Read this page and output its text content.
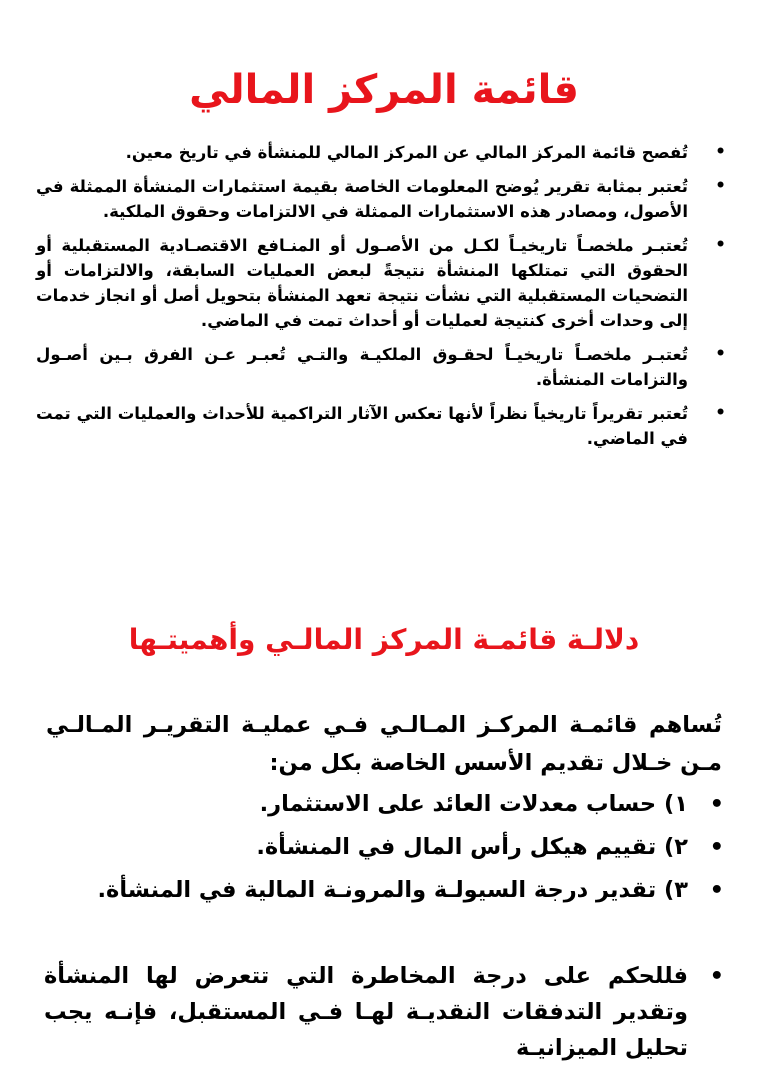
قائمة المركز المالي
• تُفصح قائمة المركز المالي عن المركز المالي للمنشأة في تاريخ معين.
• تُعتبر بمثابة تقرير يُوضح المعلومات الخاصة بقيمة استثمارات المنشأة الممثلة في الأصول، ومصادر هذه الاستثمارات الممثلة في الالتزامات وحقوق الملكية.
• تُعتبـر ملخصـاً تاريخيـاً لكـل من الأصـول أو المنـافع الاقتصـادية المستقبلية أو الحقوق التي تمتلكها المنشأة نتيجةً لبعض العمليات السابقة، والالتزامات أو التضحيات المستقبلية التي نشأت نتيجة تعهد المنشأة بتحويل أصل أو انجاز خدمات إلى وحدات أخرى كنتيجة لعمليات أو أحداث تمت في الماضي.
• تُعتبـر ملخصـاً تاريخيـاً لحقـوق الملكيـة والتـي تُعبـر عـن الفرق بـين أصـول والتزامات المنشأة.
• تُعتبر تقريراً تاريخياً نظراً لأنها تعكس الآثار التراكمية للأحداث والعمليات التي تمت في الماضي.
دلالـة قائمـة المركز المالـي وأهميتـها

تُساهم قائمـة المركـز المـالـي فـي عمليـة التقريـر المـالـي مـن خـلال تقديم الأسس الخاصة بكل من:

• ١) حساب معدلات العائد على الاستثمار.
• ٢) تقييم هيكل رأس المال في المنشأة.
• ٣) تقدير درجة السيولـة والمرونـة المالية في المنشأة.
• فللحكم على درجة المخاطرة التي تتعرض لها المنشأة وتقدير التدفقات النقديـة لهـا فـي المستقبل، فإنـه يجب تحليل الميزانيـة
